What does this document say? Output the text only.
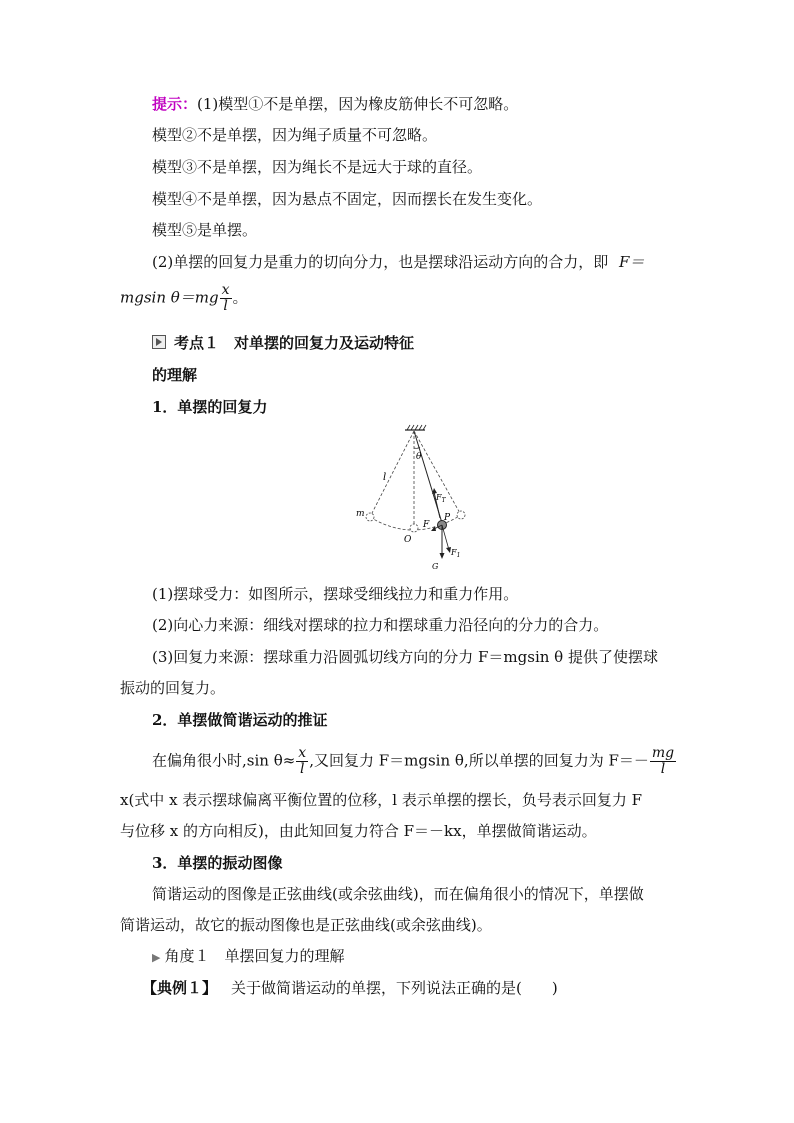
提示：(1)模型①不是单摆，因为橡皮筋伸长不可忽略。
模型②不是单摆，因为绳子质量不可忽略。
模型③不是单摆，因为绳长不是远大于球的直径。
模型④不是单摆，因为悬点不固定，因而摆长在发生变化。
模型⑤是单摆。
(2)单摆的回复力是重力的切向分力，也是摆球沿运动方向的合力，即 F＝
mgsin $\theta=mg \frac{x}{l}$ 。
考点１　对单摆的回复力及运动特征
的理解
1．单摆的回复力
θ
l
m
O
P
F
$F_T$
$F_1$
G
(1)摆球受力：如图所示，摆球受细线拉力和重力作用。
(2)向心力来源：细线对摆球的拉力和摆球重力沿径向的分力的合力。
(3)回复力来源：摆球重力沿圆弧切线方向的分力 F＝mgsin θ 提供了使摆球
振动的回复力。
2．单摆做简谐运动的推证
在偏角很小时,sin $\theta\approx \frac{x}{l}$ ,又回复力 F＝mgsin θ,所以单摆的回复力为 $F=- \frac{mg}{l}$
x(式中 x 表示摆球偏离平衡位置的位移，l 表示单摆的摆长，负号表示回复力 F
与位移 x 的方向相反)，由此知回复力符合 F＝－kx，单摆做简谐运动。
3．单摆的振动图像
简谐运动的图像是正弦曲线(或余弦曲线)，而在偏角很小的情况下，单摆做
简谐运动，故它的振动图像也是正弦曲线(或余弦曲线)。
▶ 角度１　单摆回复力的理解
【典例１】 关于做简谐运动的单摆，下列说法正确的是(　　)
